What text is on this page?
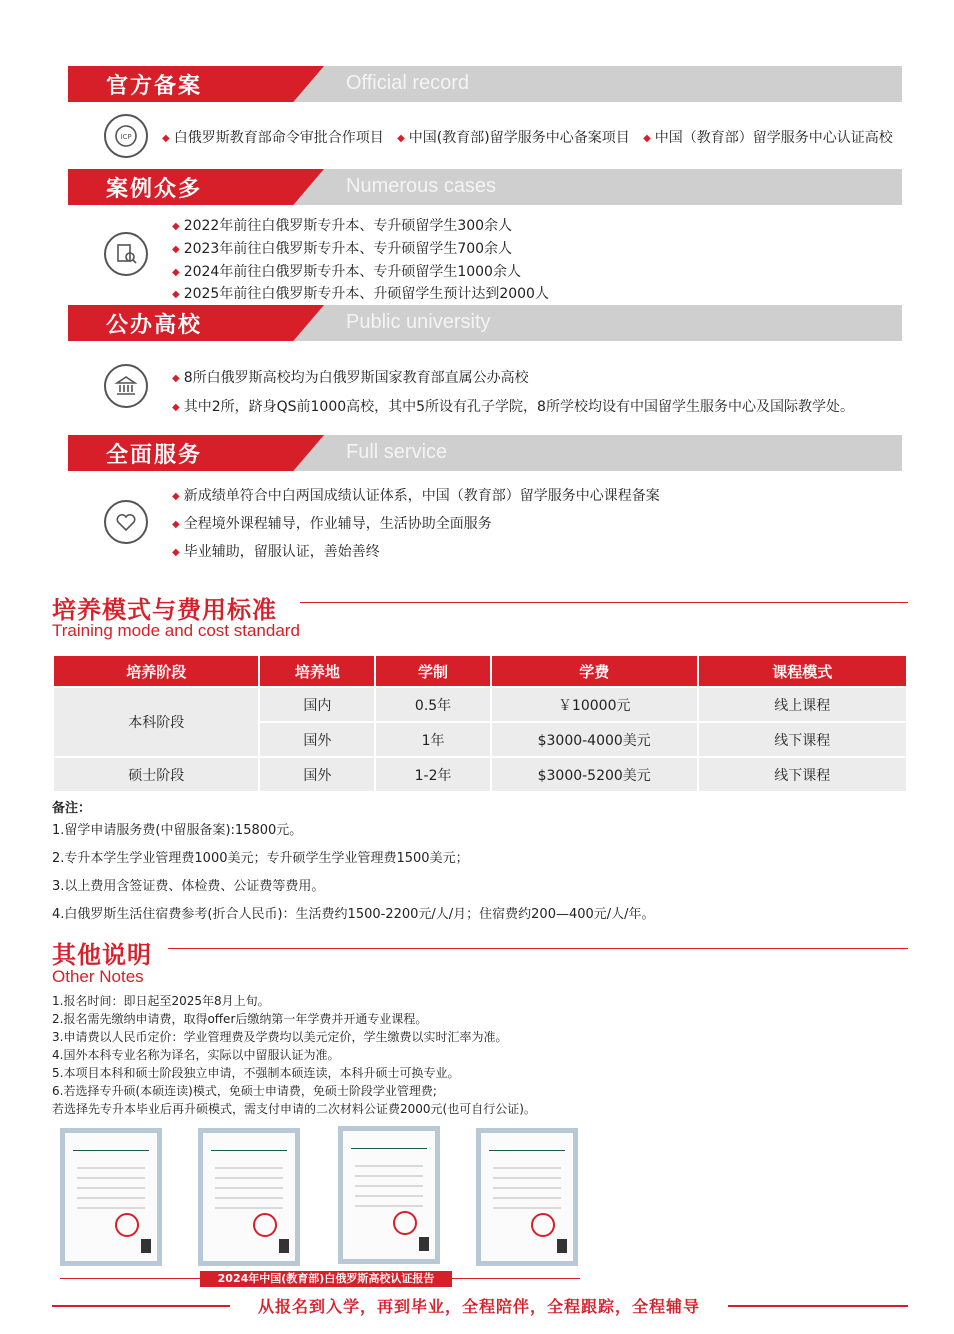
官方备案	Official record
ICP	◆ 白俄罗斯教育部命令审批合作项目 ◆ 中国(教育部)留学服务中心备案项目 ◆ 中国（教育部）留学服务中心认证高校
案例众多	Numerous cases
◆ 2022年前往白俄罗斯专升本、专升硕留学生300余人
◆ 2023年前往白俄罗斯专升本、专升硕留学生700余人
◆ 2024年前往白俄罗斯专升本、专升硕留学生1000余人
◆ 2025年前往白俄罗斯专升本、升硕留学生预计达到2000人
公办高校	Public university
◆ 8所白俄罗斯高校均为白俄罗斯国家教育部直属公办高校
◆ 其中2所，跻身QS前1000高校，其中5所设有孔子学院，8所学校均设有中国留学生服务中心及国际教学处。
全面服务	Full service
◆ 新成绩单符合中白两国成绩认证体系，中国（教育部）留学服务中心课程备案
◆ 全程境外课程辅导，作业辅导，生活协助全面服务
◆ 毕业辅助，留服认证，善始善终
培养模式与费用标准
Training mode and cost standard
培养阶段	培养地	学制	学费	课程模式
本科阶段	国内	0.5年	￥10000元	线上课程
	国外	1年	$3000-4000美元	线下课程
硕士阶段	国外	1-2年	$3000-5200美元	线下课程
备注：
1.留学申请服务费(中留服备案):15800元。
2.专升本学生学业管理费1000美元；专升硕学生学业管理费1500美元；
3.以上费用含签证费、体检费、公证费等费用。
4.白俄罗斯生活住宿费参考(折合人民币)：生活费约1500-2200元/人/月；住宿费约200—400元/人/年。
其他说明
Other Notes
1.报名时间：即日起至2025年8月上旬。
2.报名需先缴纳申请费，取得offer后缴纳第一年学费并开通专业课程。
3.申请费以人民币定价：学业管理费及学费均以美元定价，学生缴费以实时汇率为准。
4.国外本科专业名称为译名，实际以中留服认证为准。
5.本项目本科和硕士阶段独立申请，不强制本硕连读，本科升硕士可换专业。
6.若选择专升硕(本硕连读)模式，免硕士申请费，免硕士阶段学业管理费;
若选择先专升本毕业后再升硕模式，需支付申请的二次材料公证费2000元(也可自行公证)。
2024年中国(教育部)白俄罗斯高校认证报告
从报名到入学，再到毕业，全程陪伴，全程跟踪，全程辅导
